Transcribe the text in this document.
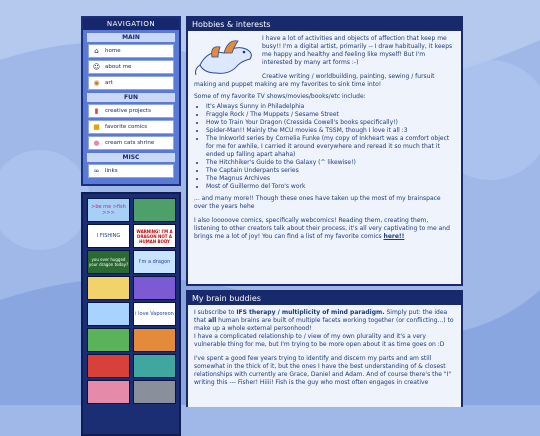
NAVIGATION
MAIN
⌂	home
☺ about me
◉ art
FUN
▮	creative projects
■ favorite comics
● cream cats shrine
MISC
∞ links
>be me >fish >>>
I FISHING
WARNING! I'M A DRAGON NOT A HUMAN BODY
you ever hugged your dragon today?	I'm a dragon
i love Vaporeon
Hobbies & interests

I have a lot of activities and objects of affection that keep me busy!! I'm a digital artist, primarily -- I draw habitually, it keeps me happy and healthy and feeling like myself! But I'm interested by many art forms :-)

Creative writing / worldbuilding, painting, sewing / fursuit making and puppet making are my favorites to sink time into!

Some of my favorite TV shows/movies/books/etc include:

• It's Always Sunny in Philadelphia
• Fraggle Rock / The Muppets / Sesame Street
• How to Train Your Dragon (Cressida Cowell's books specifically!)
• Spider-Man!! Mainly the MCU movies & TSSM, though I love it all :3
• The Inkworld series by Cornelia Funke (my copy of Inkheart was a comfort object for me for awhile, I carried it around everywhere and reread it so much that it ended up falling apart ahaha)
• The Hitchhiker's Guide to the Galaxy (^ likewise!)
• The Captain Underpants series
• The Magnus Archives
• Most of Guillermo del Toro's work

... and many more!! Though these ones have taken up the most of my brainspace over the years hehe

I also looooove comics, specifically webcomics! Reading them, creating them, listening to other creators talk about their process, it's all very captivating to me and brings me a lot of joy! You can find a list of my favorite comics here!!

My brain buddies

I subscribe to IFS therapy / multiplicity of mind paradigm. Simply put: the idea that all human brains are built of multiple facets working together (or conflicting...) to make up a whole external personhood!

I have a complicated relationship to / view of my own plurality and it's a very vulnerable thing for me, but I'm trying to be more open about it as time goes on :D

I've spent a good few years trying to identify and discern my parts and am still somewhat in the thick of it, but the ones I have the best understanding of & closest relationships with currently are Grace, Daniel and Adam. And of course there's the "I" writing this --- Fisher! Hiiii! Fish is the guy who most often engages in creative
